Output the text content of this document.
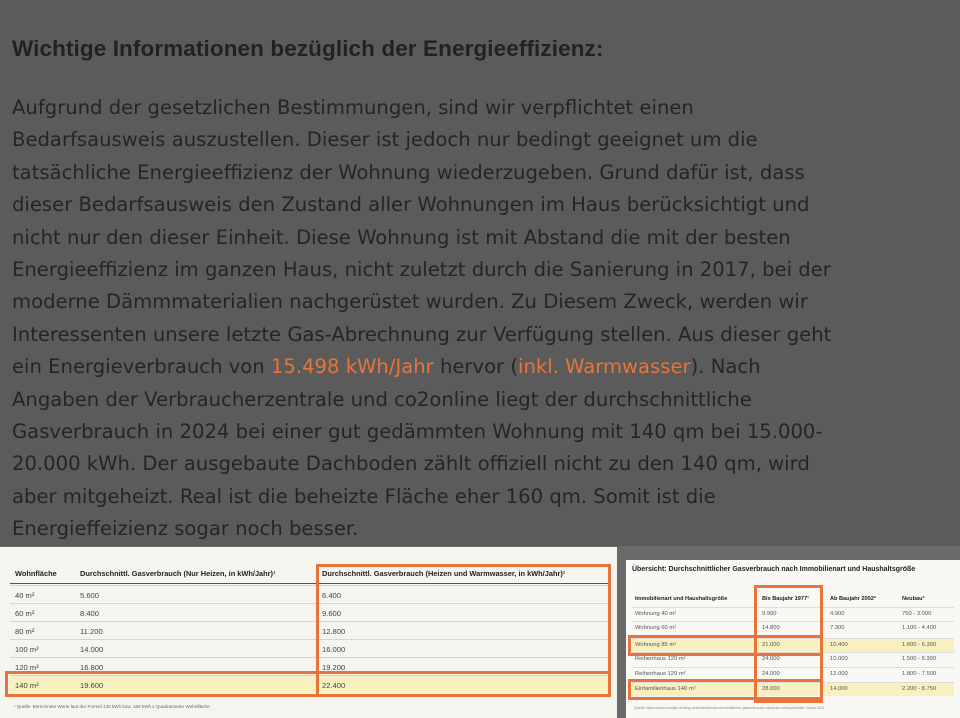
Wichtige Informationen bezüglich der Energieeffizienz:
Aufgrund der gesetzlichen Bestimmungen, sind wir verpflichtet einen
Bedarfsausweis auszustellen. Dieser ist jedoch nur bedingt geeignet um die
tatsächliche Energieeffizienz der Wohnung wiederzugeben. Grund dafür ist, dass
dieser Bedarfsausweis den Zustand aller Wohnungen im Haus berücksichtigt und
nicht nur den dieser Einheit. Diese Wohnung ist mit Abstand die mit der besten
Energieeffizienz im ganzen Haus, nicht zuletzt durch die Sanierung in 2017, bei der
moderne Dämmmaterialien nachgerüstet wurden. Zu Diesem Zweck, werden wir
Interessenten unsere letzte Gas-Abrechnung zur Verfügung stellen. Aus dieser geht
ein Energieverbrauch von 15.498 kWh/Jahr hervor (inkl. Warmwasser). Nach
Angaben der Verbraucherzentrale und co2online liegt der durchschnittliche
Gasverbrauch in 2024 bei einer gut gedämmten Wohnung mit 140 qm bei 15.000-
20.000 kWh. Der ausgebaute Dachboden zählt offiziell nicht zu den 140 qm, wird
aber mitgeheizt. Real ist die beheizte Fläche eher 160 qm. Somit ist die
Energieffeizienz sogar noch besser.
Wohnfläche	Durchschnittl. Gasverbrauch (Nur Heizen, in kWh/Jahr)¹	Durchschnittl. Gasverbrauch (Heizen und Warmwasser, in kWh/Jahr)¹
40 m²	5.600	6.400
60 m²	8.400	9.600
80 m²	11.200	12.800
100 m²	14.000	16.000
120 m²	16.800	19.200
140 m²	19.600	22.400
¹ Quelle: Berechnete Werte laut der Formel 140 kWh bzw. 160 kWh x Quadratmeter Wohnfläche
Übersicht: Durchschnittlicher Gasverbrauch nach Immobilienart und Haushaltsgröße
Immobilienart und Haushaltsgröße	Bis Baujahr 1977¹	Ab Baujahr 2002²	Neubau³
Wohnung 40 m²	9.900	4.900	750 - 3.000
Wohnung 60 m²	14.800	7.300	1.100 - 4.400
Wohnung 85 m²	21.000	10.400	1.600 - 6.300
Reihenhaus 120 m²	24.000	10.000	1.500 - 6.300
Reihenhaus 120 m²	24.000	12.000	1.800 - 7.500
Einfamilienhaus 140 m²	28.000	14.000	2.200 - 8.750
Quelle: https://www.energie.de/blog-uebersichten/durchschnittlicher-gasverbrauch-haushalt-verbrauchsliste, Stand 2021
